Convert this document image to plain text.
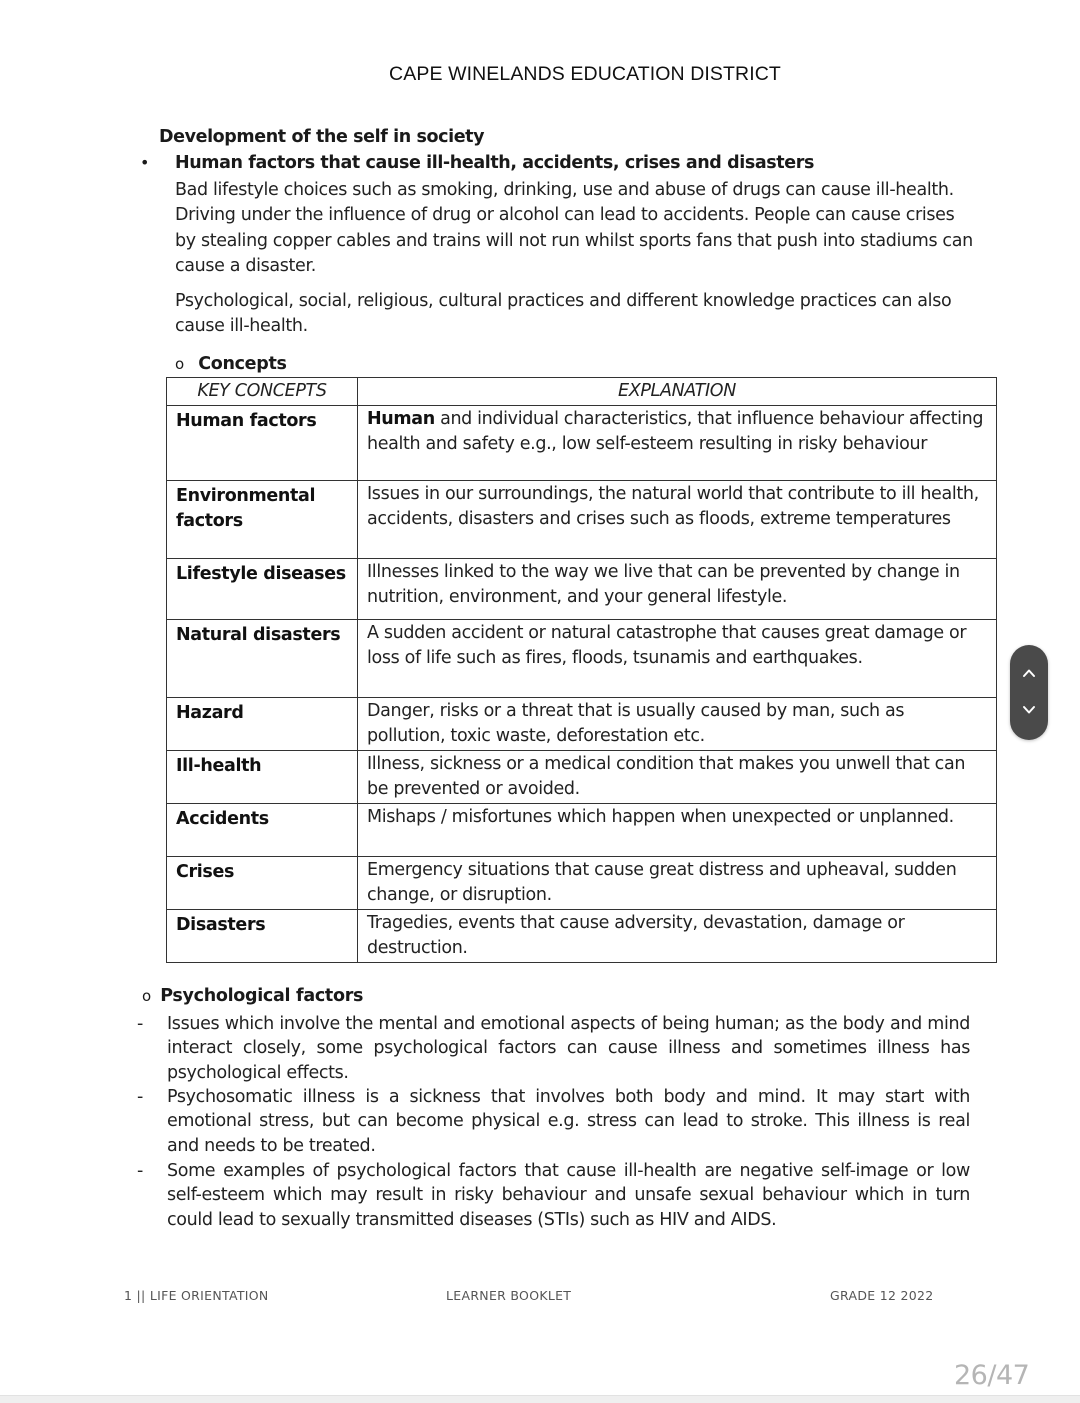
CAPE WINELANDS EDUCATION DISTRICT
Development of the self in society
• Human factors that cause ill-health, accidents, crises and disasters
Bad lifestyle choices such as smoking, drinking, use and abuse of drugs can cause ill-health. Driving under the influence of drug or alcohol can lead to accidents. People can cause crises by stealing copper cables and trains will not run whilst sports fans that push into stadiums can cause a disaster.
Psychological, social, religious, cultural practices and different knowledge practices can also cause ill-health.
o Concepts
KEY CONCEPTS	EXPLANATION
Human factors	Human and individual characteristics, that influence behaviour affecting health and safety e.g., low self-esteem resulting in risky behaviour
Environmental factors	Issues in our surroundings, the natural world that contribute to ill health, accidents, disasters and crises such as floods, extreme temperatures
Lifestyle diseases	Illnesses linked to the way we live that can be prevented by change in nutrition, environment, and your general lifestyle.
Natural disasters	A sudden accident or natural catastrophe that causes great damage or loss of life such as fires, floods, tsunamis and earthquakes.
Hazard	Danger, risks or a threat that is usually caused by man, such as pollution, toxic waste, deforestation etc.
Ill-health	Illness, sickness or a medical condition that makes you unwell that can be prevented or avoided.
Accidents	Mishaps / misfortunes which happen when unexpected or unplanned.
Crises	Emergency situations that cause great distress and upheaval, sudden change, or disruption.
Disasters	Tragedies, events that cause adversity, devastation, damage or destruction.
o Psychological factors
- Issues which involve the mental and emotional aspects of being human; as the body and mind interact closely, some psychological factors can cause illness and sometimes illness has psychological effects.
- Psychosomatic illness is a sickness that involves both body and mind. It may start with emotional stress, but can become physical e.g. stress can lead to stroke. This illness is real and needs to be treated.
- Some examples of psychological factors that cause ill-health are negative self-image or low self-esteem which may result in risky behaviour and unsafe sexual behaviour which in turn could lead to sexually transmitted diseases (STIs) such as HIV and AIDS.
1 || LIFE ORIENTATION	LEARNER BOOKLET	GRADE 12 2022
26/47
